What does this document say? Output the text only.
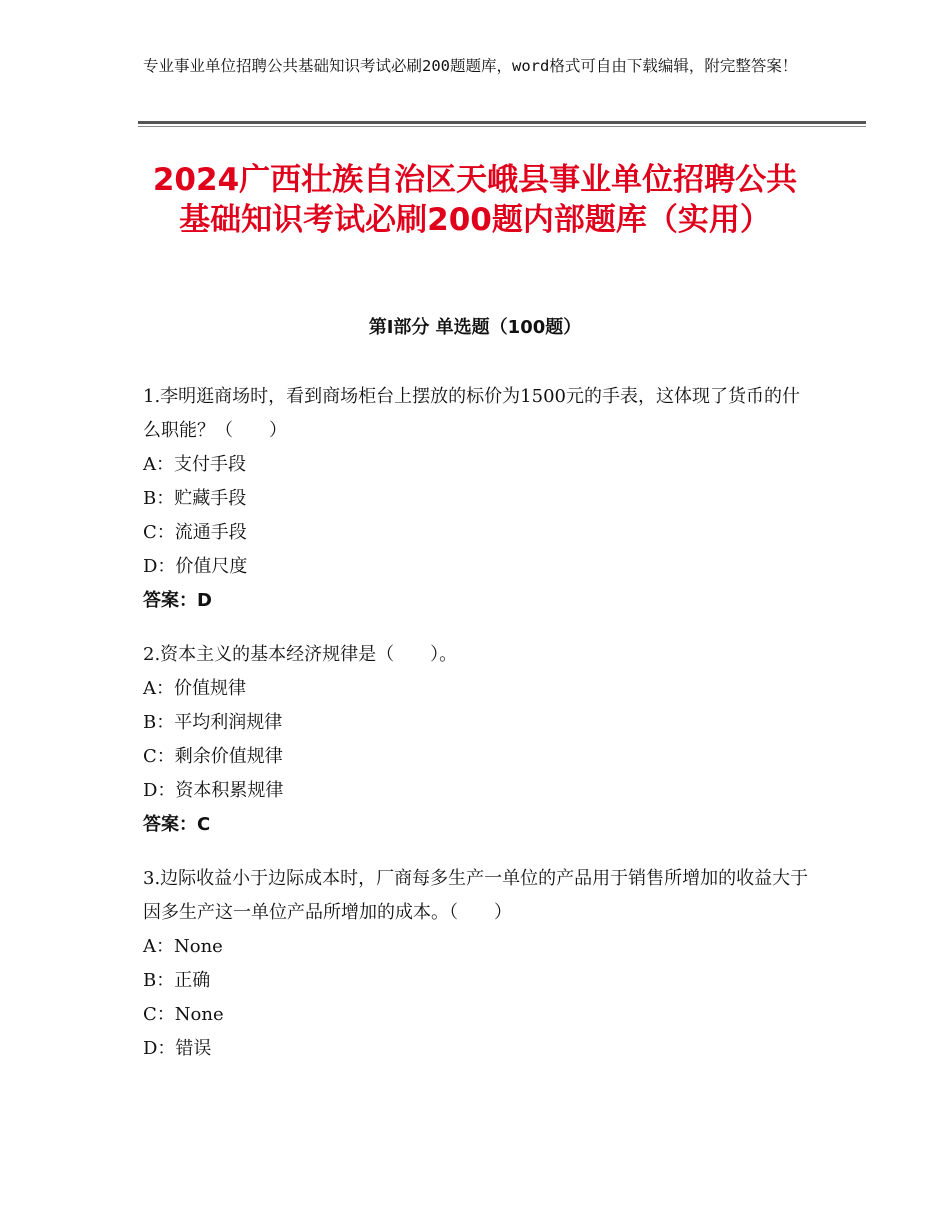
专业事业单位招聘公共基础知识考试必刷200题题库，word格式可自由下载编辑，附完整答案！
2024广西壮族自治区天峨县事业单位招聘公共基础知识考试必刷200题内部题库（实用）
第I部分 单选题（100题）
1.李明逛商场时，看到商场柜台上摆放的标价为1500元的手表，这体现了货币的什么职能？（　　）
A：支付手段
B：贮藏手段
C：流通手段
D：价值尺度
答案：D
2.资本主义的基本经济规律是（　　）。
A：价值规律
B：平均利润规律
C：剩余价值规律
D：资本积累规律
答案：C
3.边际收益小于边际成本时，厂商每多生产一单位的产品用于销售所增加的收益大于因多生产这一单位产品所增加的成本。（　　）
A：None
B：正确
C：None
D：错误
